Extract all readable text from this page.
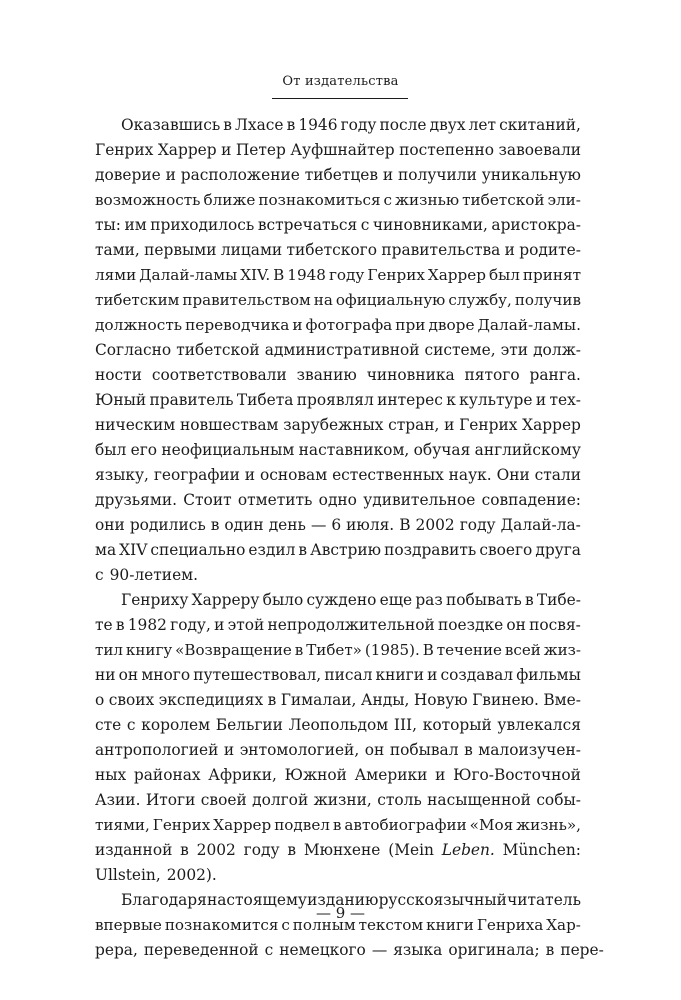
От издательства
Оказавшись в Лхасе в 1946 году после двух лет скитаний,
Генрих Харрер и Петер Ауфшнайтер постепенно завоевали
доверие и расположение тибетцев и получили уникальную
возможность ближе познакомиться с жизнью тибетской эли-
ты: им приходилось встречаться с чиновниками, аристокра-
тами, первыми лицами тибетского правительства и родите-
лями Далай-ламы XIV. В 1948 году Генрих Харрер был принят
тибетским правительством на официальную службу, получив
должность переводчика и фотографа при дворе Далай-ламы.
Согласно тибетской административной системе, эти долж-
ности соответствовали званию чиновника пятого ранга.
Юный правитель Тибета проявлял интерес к культуре и тех-
ническим новшествам зарубежных стран, и Генрих Харрер
был его неофициальным наставником, обучая английскому
языку, географии и основам естественных наук. Они стали
друзьями. Стоит отметить одно удивительное совпадение:
они родились в один день — 6 июля. В 2002 году Далай-ла-
ма XIV специально ездил в Австрию поздравить своего друга
с 90-летием.
Генриху Харреру было суждено еще раз побывать в Тибе-
те в 1982 году, и этой непродолжительной поездке он посвя-
тил книгу «Возвращение в Тибет» (1985). В течение всей жиз-
ни он много путешествовал, писал книги и создавал фильмы
о своих экспедициях в Гималаи, Анды, Новую Гвинею. Вме-
сте с королем Бельгии Леопольдом III, который увлекался
антропологией и энтомологией, он побывал в малоизучен-
ных районах Африки, Южной Америки и Юго-Восточной
Азии. Итоги своей долгой жизни, столь насыщенной собы-
тиями, Генрих Харрер подвел в автобиографии «Моя жизнь»,
изданной в 2002 году в Мюнхене (Mein Leben. München:
Ullstein, 2002).
Благодаря настоящему изданию русскоязычный читатель
впервые познакомится с полным текстом книги Генриха Хар-
рера, переведенной с немецкого — языка оригинала; в пере-
— 9 —
